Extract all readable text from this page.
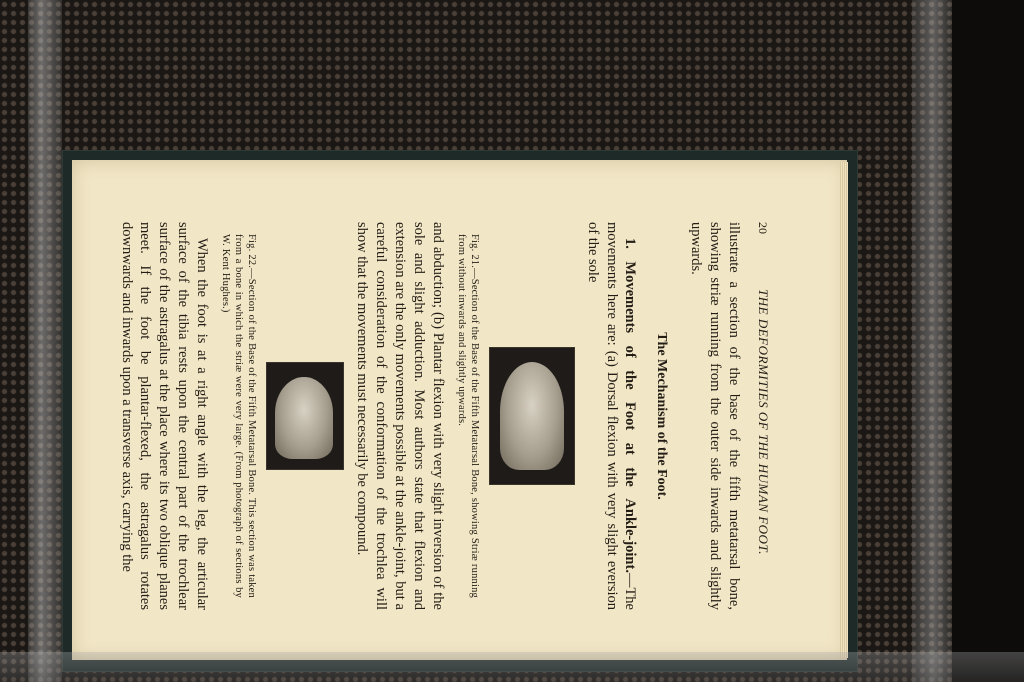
20
THE DEFORMITIES OF THE HUMAN FOOT.

illustrate a section of the base of the fifth metatarsal bone, showing striæ running from the outer side inwards and slightly upwards.

The Mechanism of the Foot.

1. Movements of the Foot at the Ankle-joint.—The movements here are: (a) Dorsal flexion with very slight eversion of the sole

Fig. 21.—Section of the Base of the Fifth Metatarsal Bone, showing Striæ running from without inwards and slightly upwards.

and abduction; (b) Plantar flexion with very slight inversion of the sole and slight adduction. Most authors state that flexion and extension are the only movements possible at the ankle-joint, but a careful consideration of the conformation of the trochlea will show that the movements must necessarily be compound.

Fig. 22.—Section of the Base of the Fifth Metatarsal Bone. This section was taken from a bone in which the striæ were very large. (From photograph of sections by W. Kent Hughes.)

When the foot is at a right angle with the leg, the articular surface of the tibia rests upon the central part of the trochlear surface of the astragalus at the place where its two oblique planes meet. If the foot be plantar-flexed, the astragalus rotates downwards and inwards upon a transverse axis, carrying the
